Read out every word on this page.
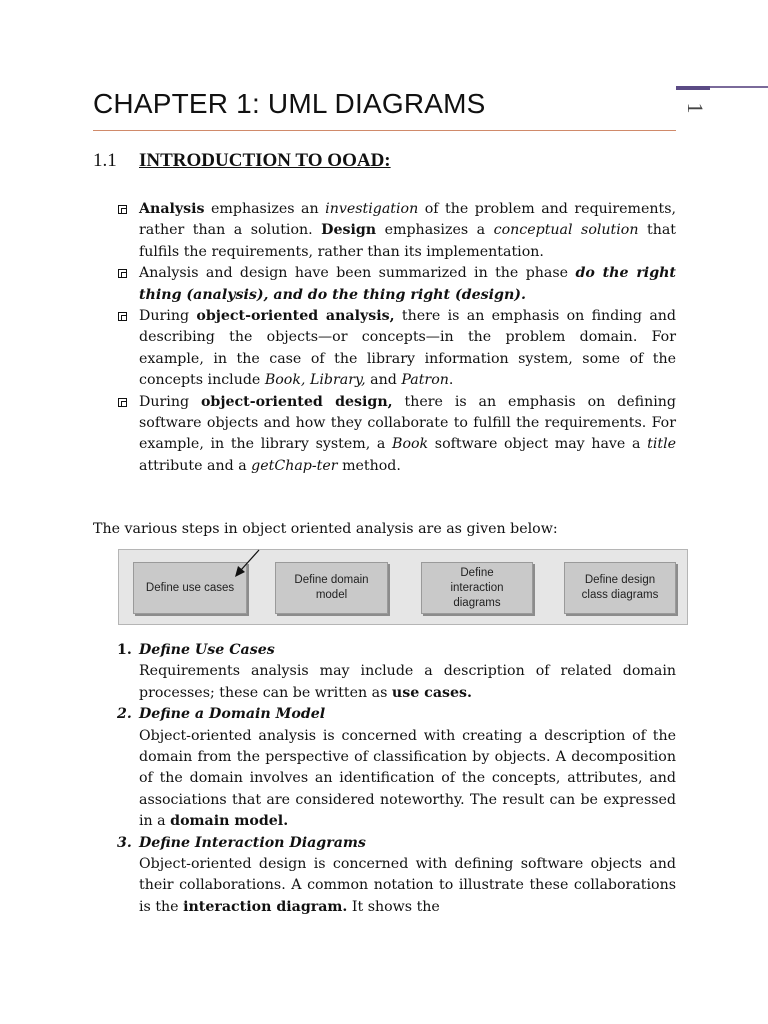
1
CHAPTER 1: UML DIAGRAMS
1.1 INTRODUCTION TO OOAD:
Analysis emphasizes an investigation of the problem and requirements, rather than a solution. Design emphasizes a conceptual solution that fulfils the requirements, rather than its implementation.
Analysis and design have been summarized in the phase do the right thing (analysis), and do the thing right (design).
During object-oriented analysis, there is an emphasis on finding and describing the objects—or concepts—in the problem domain. For example, in the case of the library information system, some of the concepts include Book, Library, and Patron.
During object-oriented design, there is an emphasis on defining software objects and how they collaborate to fulfill the requirements. For example, in the library system, a Book software object may have a title attribute and a getChap-ter method.

The various steps in object oriented analysis are as given below:

Define use cases
Define domain
model
Define
interaction
diagrams
Define design
class diagrams
1. Define Use Cases
Requirements analysis may include a description of related domain processes; these can be written as use cases.
2. Define a Domain Model
Object-oriented analysis is concerned with creating a description of the domain from the perspective of classification by objects. A decomposition of the domain involves an identification of the concepts, attributes, and associations that are considered noteworthy. The result can be expressed in a domain model.
3. Define Interaction Diagrams
Object-oriented design is concerned with defining software objects and their collaborations. A common notation to illustrate these collaborations is the interaction diagram. It shows the
